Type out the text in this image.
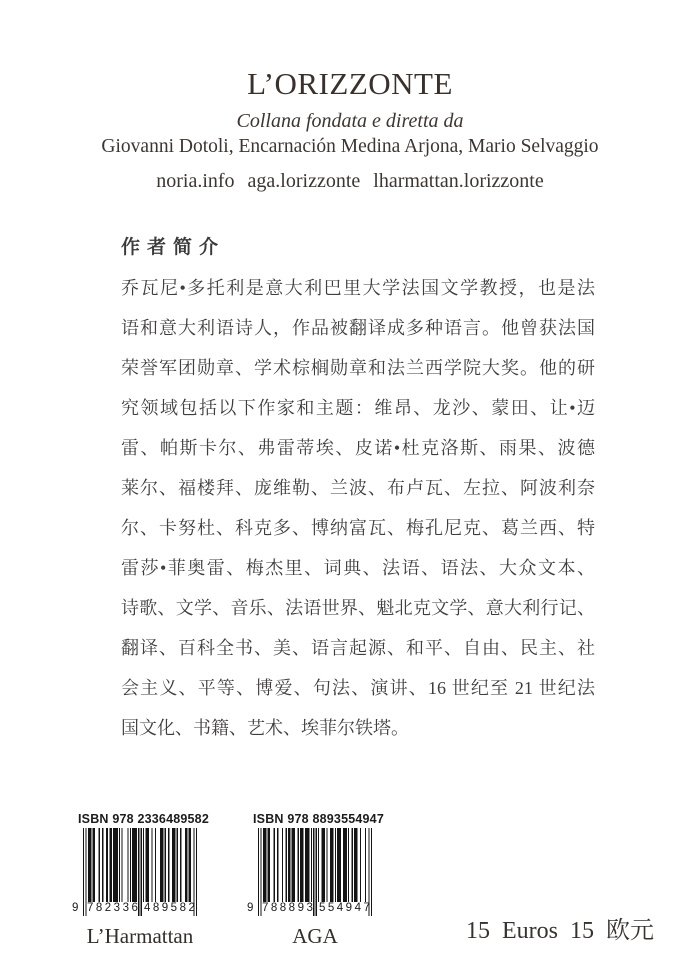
L’ORIZZONTE
Collana fondata e diretta da
Giovanni Dotoli, Encarnación Medina Arjona, Mario Selvaggio
noria.info aga.lorizzonte lharmattan.lorizzonte
作者简介
乔瓦尼•多托利是意大利巴里大学法国文学教授，也是法
语和意大利语诗人，作品被翻译成多种语言。他曾获法国
荣誉军团勋章、学术棕榈勋章和法兰西学院大奖。他的研
究领域包括以下作家和主题：维昂、龙沙、蒙田、让•迈
雷、帕斯卡尔、弗雷蒂埃、皮诺•杜克洛斯、雨果、波德
莱尔、福楼拜、庞维勒、兰波、布卢瓦、左拉、阿波利奈
尔、卡努杜、科克多、博纳富瓦、梅孔尼克、葛兰西、特
雷莎•菲奥雷、梅杰里、词典、法语、语法、大众文本、
诗歌、文学、音乐、法语世界、魁北克文学、意大利行记、
翻译、百科全书、美、语言起源、和平、自由、民主、社
会主义、平等、博爱、句法、演讲、16 世纪至 21 世纪法
国文化、书籍、艺术、埃菲尔铁塔。
ISBN 978 2336489582
9 782336 489582
L’Harmattan
ISBN 978 8893554947
9 788893 554947
AGA	15 Euros 15 欧元
